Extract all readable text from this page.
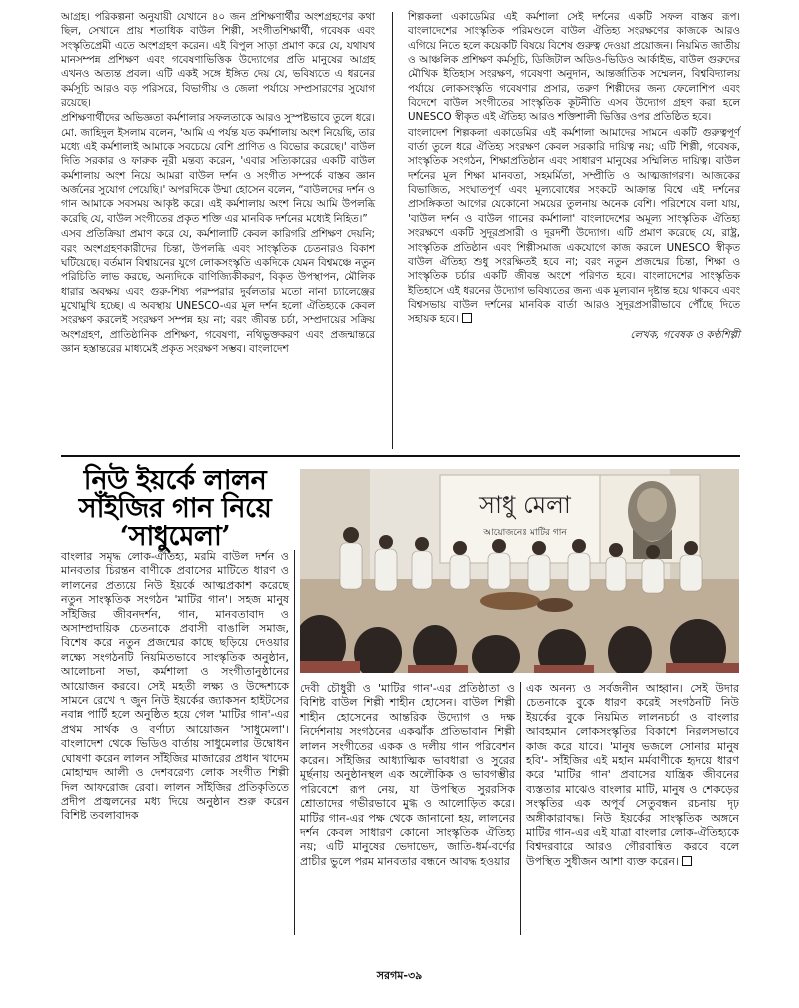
আগ্রহ। পরিকল্পনা অনুযায়ী যেখানে ৪০ জন প্রশিক্ষণার্থীর অংশগ্রহণের কথা ছিল, সেখানে প্রায় শতাধিক বাউল শিল্পী, সংগীতশিক্ষার্থী, গবেষক এবং সংস্কৃতিপ্রেমী এতে অংশগ্রহণ করেন। এই বিপুল সাড়া প্রমাণ করে যে, যথাযথ মানসম্পন্ন প্রশিক্ষণ এবং গবেষণাভিত্তিক উদ্যোগের প্রতি মানুষের আগ্রহ এখনও অত্যন্ত প্রবল। এটি একই সঙ্গে ইঙ্গিত দেয় যে, ভবিষ্যতে এ ধরনের কর্মসূচি আরও বড় পরিসরে, বিভাগীয় ও জেলা পর্যায়ে সম্প্রসারণের সুযোগ রয়েছে।

প্রশিক্ষণার্থীদের অভিজ্ঞতা কর্মশালার সফলতাকে আরও সুস্পষ্টভাবে তুলে ধরে। মো. জাহিদুল ইসলাম বলেন, 'আমি এ পর্যন্ত যত কর্মশালায় অংশ নিয়েছি, তার মধ্যে এই কর্মশালাই আমাকে সবচেয়ে বেশি প্রাণিত ও বিভোর করেছে।' বাউল দিতি সরকার ও ফারুক নূরী মন্তব্য করেন, 'এবার সত্যিকারের একটি বাউল কর্মশালায় অংশ নিয়ে আমরা বাউল দর্শন ও সংগীত সম্পর্কে বাস্তব জ্ঞান অর্জনের সুযোগ পেয়েছি।' অপরদিকে উম্মা হোসেন বলেন, “বাউলদের দর্শন ও গান আমাকে সবসময় আকৃষ্ট করে। এই কর্মশালায় অংশ নিয়ে আমি উপলব্ধি করেছি যে, বাউল সংগীতের প্রকৃত শক্তি এর মানবিক দর্শনের মধ্যেই নিহিত।”

এসব প্রতিক্রিয়া প্রমাণ করে যে, কর্মশালাটি কেবল কারিগরি প্রশিক্ষণ দেয়নি; বরং অংশগ্রহণকারীদের চিন্তা, উপলব্ধি এবং সাংস্কৃতিক চেতনারও বিকাশ ঘটিয়েছে। বর্তমান বিশ্বায়নের যুগে লোকসংস্কৃতি একদিকে যেমন বিশ্বমঞ্চে নতুন পরিচিতি লাভ করছে, অন্যদিকে বাণিজ্যিকীকরণ, বিকৃত উপস্থাপন, মৌলিক ধারার অবক্ষয় এবং গুরু-শিষ্য পরম্পরার দুর্বলতার মতো নানা চ্যালেঞ্জের মুখোমুখি হচ্ছে। এ অবস্থায় UNESCO-এর মূল দর্শন হলো ঐতিহ্যকে কেবল সংরক্ষণ করলেই সংরক্ষণ সম্পন্ন হয় না; বরং জীবন্ত চর্চা, সম্প্রদায়ের সক্রিয় অংশগ্রহণ, প্রাতিষ্ঠানিক প্রশিক্ষণ, গবেষণা, নথিভুক্তকরণ এবং প্রজন্মান্তরে জ্ঞান হস্তান্তরের মাধ্যমেই প্রকৃত সংরক্ষণ সম্ভব। বাংলাদেশ

শিল্পকলা একাডেমির এই কর্মশালা সেই দর্শনের একটি সফল বাস্তব রূপ। বাংলাদেশের সাংস্কৃতিক পরিমণ্ডলে বাউল ঐতিহ্য সংরক্ষণের কাজকে আরও এগিয়ে নিতে হলে কয়েকটি বিষয়ে বিশেষ গুরুত্ব দেওয়া প্রয়োজন। নিয়মিত জাতীয় ও আঞ্চলিক প্রশিক্ষণ কর্মসূচি, ডিজিটাল অডিও-ভিডিও আর্কাইভ, বাউল গুরুদের মৌখিক ইতিহাস সংরক্ষণ, গবেষণা অনুদান, আন্তর্জাতিক সম্মেলন, বিশ্ববিদ্যালয় পর্যায়ে লোকসংস্কৃতি গবেষণার প্রসার, তরুণ শিল্পীদের জন্য ফেলোশিপ এবং বিদেশে বাউল সংগীতের সাংস্কৃতিক কূটনীতি এসব উদ্যোগ গ্রহণ করা হলে UNESCO স্বীকৃত এই ঐতিহ্য আরও শক্তিশালী ভিত্তির ওপর প্রতিষ্ঠিত হবে।

বাংলাদেশ শিল্পকলা একাডেমির এই কর্মশালা আমাদের সামনে একটি গুরুত্বপূর্ণ বার্তা তুলে ধরে ঐতিহ্য সংরক্ষণ কেবল সরকারি দায়িত্ব নয়; এটি শিল্পী, গবেষক, সাংস্কৃতিক সংগঠন, শিক্ষাপ্রতিষ্ঠান এবং সাধারণ মানুষের সম্মিলিত দায়িত্ব। বাউল দর্শনের মূল শিক্ষা মানবতা, সহমর্মিতা, সম্প্রীতি ও আত্মজাগরণ। আজকের বিভাজিত, সংঘাতপূর্ণ এবং মূল্যবোধের সংকটে আক্রান্ত বিশ্বে এই দর্শনের প্রাসঙ্গিকতা আগের যেকোনো সময়ের তুলনায় অনেক বেশি। পরিশেষে বলা যায়, 'বাউল দর্শন ও বাউল গানের কর্মশালা' বাংলাদেশের অমূল্য সাংস্কৃতিক ঐতিহ্য সংরক্ষণে একটি সুদূরপ্রসারী ও দূরদর্শী উদ্যোগ। এটি প্রমাণ করেছে যে, রাষ্ট্র, সাংস্কৃতিক প্রতিষ্ঠান এবং শিল্পীসমাজ একযোগে কাজ করলে UNESCO স্বীকৃত বাউল ঐতিহ্য শুধু সংরক্ষিতই হবে না; বরং নতুন প্রজন্মের চিন্তা, শিক্ষা ও সাংস্কৃতিক চর্চার একটি জীবন্ত অংশে পরিণত হবে। বাংলাদেশের সাংস্কৃতিক ইতিহাসে এই ধরনের উদ্যোগ ভবিষ্যতের জন্য এক মূল্যবান দৃষ্টান্ত হয়ে থাকবে এবং বিশ্বসভায় বাউল দর্শনের মানবিক বার্তা আরও সুদূরপ্রসারীভাবে পৌঁছে দিতে সহায়ক হবে।

লেখক, গবেষক ও কণ্ঠশিল্পী

নিউ ইয়র্কে লালন সাঁইজির গান নিয়ে ‘সাধুমেলা’
সাধু মেলা
আয়োজনেঃ মাটির গান

বাংলার সমৃদ্ধ লোক-ঐতিহ্য, মরমি বাউল দর্শন ও মানবতার চিরন্তন বাণীকে প্রবাসের মাটিতে ধারণ ও লালনের প্রত্যয়ে নিউ ইয়র্কে আত্মপ্রকাশ করেছে নতুন সাংস্কৃতিক সংগঠন 'মাটির গান'। সহজ মানুষ সাঁইজির জীবনদর্শন, গান, মানবতাবাদ ও অসাম্প্রদায়িক চেতনাকে প্রবাসী বাঙালি সমাজ, বিশেষ করে নতুন প্রজন্মের কাছে ছড়িয়ে দেওয়ার লক্ষ্যে সংগঠনটি নিয়মিতভাবে সাংস্কৃতিক অনুষ্ঠান, আলোচনা সভা, কর্মশালা ও সংগীতানুষ্ঠানের আয়োজন করবে। সেই মহতী লক্ষ্য ও উদ্দেশ্যকে সামনে রেখে ৭ জুন নিউ ইয়র্কের জ্যাকসন হাইটসের নবান্ন পার্টি হলে অনুষ্ঠিত হয়ে গেল 'মাটির গান'-এর প্রথম সার্থক ও বর্ণাঢ্য আয়োজন 'সাধুমেলা'। বাংলাদেশ থেকে ভিডিও বার্তায় সাধুমেলার উদ্বোধন ঘোষণা করেন লালন সাঁইজির মাজারের প্রধান খাদেম মোহাম্মদ আলী ও দেশবরেণ্য লোক সংগীত শিল্পী দিল আফরোজ রেবা। লালন সাঁইজির প্রতিকৃতিতে প্রদীপ প্রজ্বলনের মধ্য দিয়ে অনুষ্ঠান শুরু করেন বিশিষ্ট তবলাবাদক

দেবী চৌধুরী ও 'মাটির গান'-এর প্রতিষ্ঠাতা ও বিশিষ্ট বাউল শিল্পী শাহীন হোসেন। বাউল শিল্পী শাহীন হোসেনের আন্তরিক উদ্যোগ ও দক্ষ নির্দেশনায় সংগঠনের একঝাঁক প্রতিভাবান শিল্পী লালন সংগীতের একক ও দলীয় গান পরিবেশন করেন। সাঁইজির আধ্যাত্মিক ভাবধারা ও সুরের মূর্ছনায় অনুষ্ঠানস্থল এক অলৌকিক ও ভাবগম্ভীর পরিবেশে রূপ নেয়, যা উপস্থিত সুররসিক শ্রোতাদের গভীরভাবে মুগ্ধ ও আলোড়িত করে। মাটির গান-এর পক্ষ থেকে জানানো হয়, লালনের দর্শন কেবল সাধারণ কোনো সাংস্কৃতিক ঐতিহ্য নয়; এটি মানুষের ভেদাভেদ, জাতি-ধর্ম-বর্ণের প্রাচীর ভুলে পরম মানবতার বন্ধনে আবদ্ধ হওয়ার

এক অনন্য ও সর্বজনীন আহ্বান। সেই উদার চেতনাকে বুকে ধারণ করেই সংগঠনটি নিউ ইয়র্কের বুকে নিয়মিত লালনচর্চা ও বাংলার আবহমান লোকসংস্কৃতির বিকাশে নিরলসভাবে কাজ করে যাবে। 'মানুষ ভজলে সোনার মানুষ হবি'- সাঁইজির এই মহান মর্মবাণীকে হৃদয়ে ধারণ করে 'মাটির গান' প্রবাসের যান্ত্রিক জীবনের ব্যস্ততার মাঝেও বাংলার মাটি, মানুষ ও শেকড়ের সংস্কৃতির এক অপূর্ব সেতুবন্ধন রচনায় দৃঢ় অঙ্গীকারাবদ্ধ। নিউ ইয়র্কের সাংস্কৃতিক অঙ্গনে মাটির গান-এর এই যাত্রা বাংলার লোক-ঐতিহ্যকে বিশ্বদরবারে আরও গৌরবান্বিত করবে বলে উপস্থিত সুধীজন আশা ব্যক্ত করেন।

সরগম-৩৯
